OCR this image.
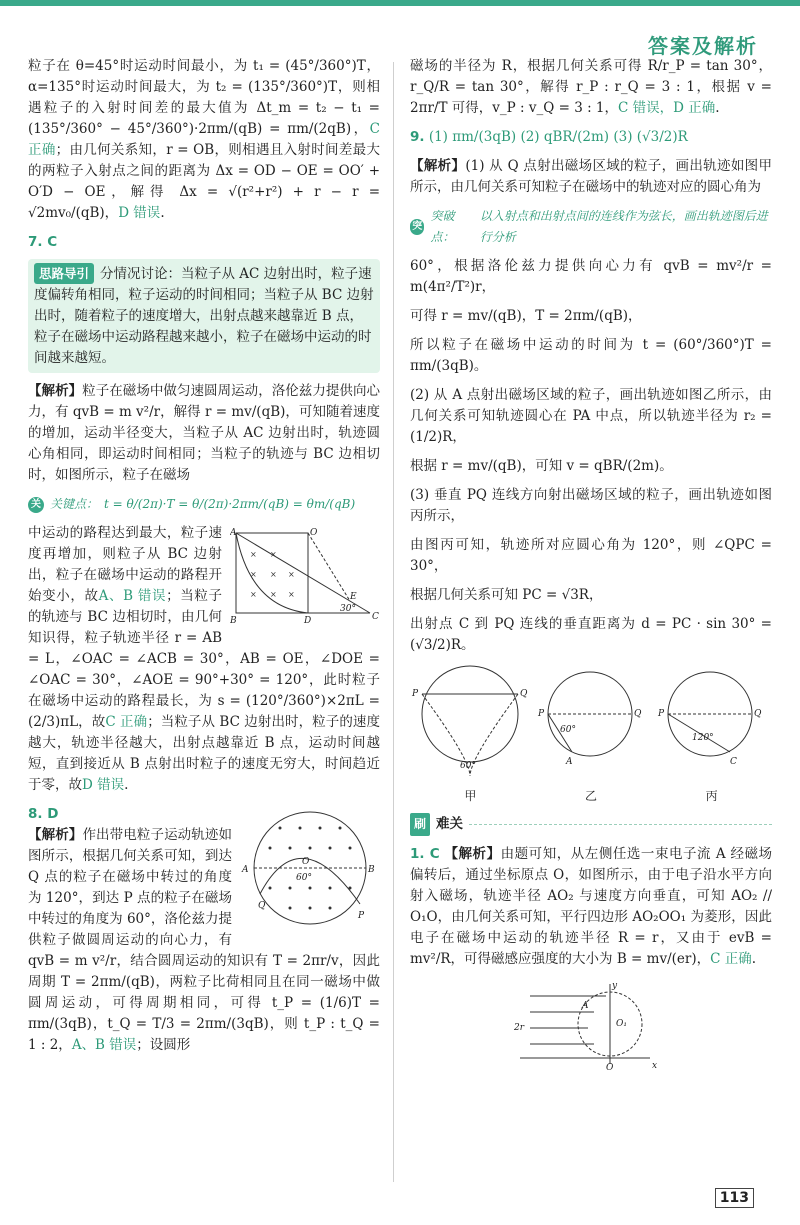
答案及解析

粒子在 θ=45°时运动时间最小，为 t₁ = (45°/360°)T，α=135°时运动时间最大，为 t₂ = (135°/360°)T，则相遇粒子的入射时间差的最大值为 Δt_m = t₂ − t₁ = (135°/360° − 45°/360°)·2πm/(qB) = πm/(2qB)，C 正确；由几何关系知，r = OB，则相遇且入射时间差最大的两粒子入射点之间的距离为 Δx = OD − OE = OO′ + O′D − OE，解得 Δx = √(r²+r²) + r − r = √2mv₀/(qB)，D 错误.

7. C
思路导引 分情况讨论：当粒子从 AC 边射出时，粒子速度偏转角相同，粒子运动的时间相同；当粒子从 BC 边射出时，随着粒子的速度增大，出射点越来越靠近 B 点，粒子在磁场中运动路程越来越小，粒子在磁场中运动的时间越来越短。

【解析】粒子在磁场中做匀速圆周运动，洛伦兹力提供向心力，有 qvB = m v²/r，解得 r = mv/(qB)，可知随着速度的增加，运动半径变大，当粒子从 AC 边射出时，轨迹圆心角相同，即运动时间相同；当粒子的轨迹与 BC 边相切时，如图所示，粒子在磁场

关 关键点： t = θ/(2π)·T = θ/(2π)·2πm/(qB) = θm/(qB)
× ×
× × ×
× × ×
A
B	D
O
C
E
30°

中运动的路程达到最大，粒子速度再增加，则粒子从 BC 边射出，粒子在磁场中运动的路程开始变小，故A、B 错误；当粒子的轨迹与 BC 边相切时，由几何知识得，粒子轨迹半径 r = AB = L，∠OAC = ∠ACB = 30°，AB = OE，∠DOE = ∠OAC = 30°，∠AOE = 90°+30° = 120°，此时粒子在磁场中运动的路程最长，为 s = (120°/360°)×2πL = (2/3)πL，故C 正确；当粒子从 BC 边射出时，粒子的速度越大，轨迹半径越大，出射点越靠近 B 点，运动时间越短，直到接近从 B 点射出时粒子的速度无穷大，时间趋近于零，故D 错误.

A	B
O
Q
P
60°
8. D

【解析】作出带电粒子运动轨迹如图所示，根据几何关系可知，到达 Q 点的粒子在磁场中转过的角度为 120°，到达 P 点的粒子在磁场中转过的角度为 60°，洛伦兹力提供粒子做圆周运动的向心力，有 qvB = m v²/r，结合圆周运动的知识有 T = 2πr/v，因此周期 T = 2πm/(qB)，两粒子比荷相同且在同一磁场中做圆周运动，可得周期相同，可得 t_P = (1/6)T = πm/(3qB)，t_Q = T/3 = 2πm/(3qB)，则 t_P : t_Q = 1 : 2，A、B 错误；设圆形

磁场的半径为 R，根据几何关系可得 R/r_P = tan 30°，r_Q/R = tan 30°，解得 r_P : r_Q = 3 : 1，根据 v = 2πr/T 可得，v_P : v_Q = 3 : 1，C 错误，D 正确.

9. (1) πm/(3qB) (2) qBR/(2m) (3) (√3/2)R

【解析】(1) 从 Q 点射出磁场区域的粒子，画出轨迹如图甲所示，由几何关系可知粒子在磁场中的轨迹对应的圆心角为

突
突破点：
以入射点和出射点间的连线作为弦长，画出轨迹图后进行分析

60°，根据洛伦兹力提供向心力有 qvB = mv²/r = m(4π²/T²)r，

可得 r = mv/(qB)，T = 2πm/(qB)，

所以粒子在磁场中运动的时间为 t = (60°/360°)T = πm/(3qB)。

(2) 从 A 点射出磁场区域的粒子，画出轨迹如图乙所示，由几何关系可知轨迹圆心在 PA 中点，所以轨迹半径为 r₂ = (1/2)R，

根据 r = mv/(qB)，可知 v = qBR/(2m)。

(3) 垂直 PQ 连线方向射出磁场区域的粒子，画出轨迹如图丙所示，

由图丙可知，轨迹所对应圆心角为 120°，则 ∠QPC = 30°，

根据几何关系可知 PC = √3R，

出射点 C 到 PQ 连线的垂直距离为 d = PC · sin 30° = (√3/2)R。

P	Q
60°
P	Q
A
60°
P	Q
C
120°
甲	乙	丙
刷 难关

1. C 【解析】由题可知，从左侧任选一束电子流 A 经磁场偏转后，通过坐标原点 O，如图所示，由于电子沿水平方向射入磁场，轨迹半径 AO₂ 与速度方向垂直，可知 AO₂ // O₁O，由几何关系可知，平行四边形 AO₂OO₁ 为菱形，因此电子在磁场中运动的轨迹半径 R = r，又由于 evB = mv²/R，可得磁感应强度的大小为 B = mv/(er)，C 正确.

y
x
O
O₁
A
2r
113
